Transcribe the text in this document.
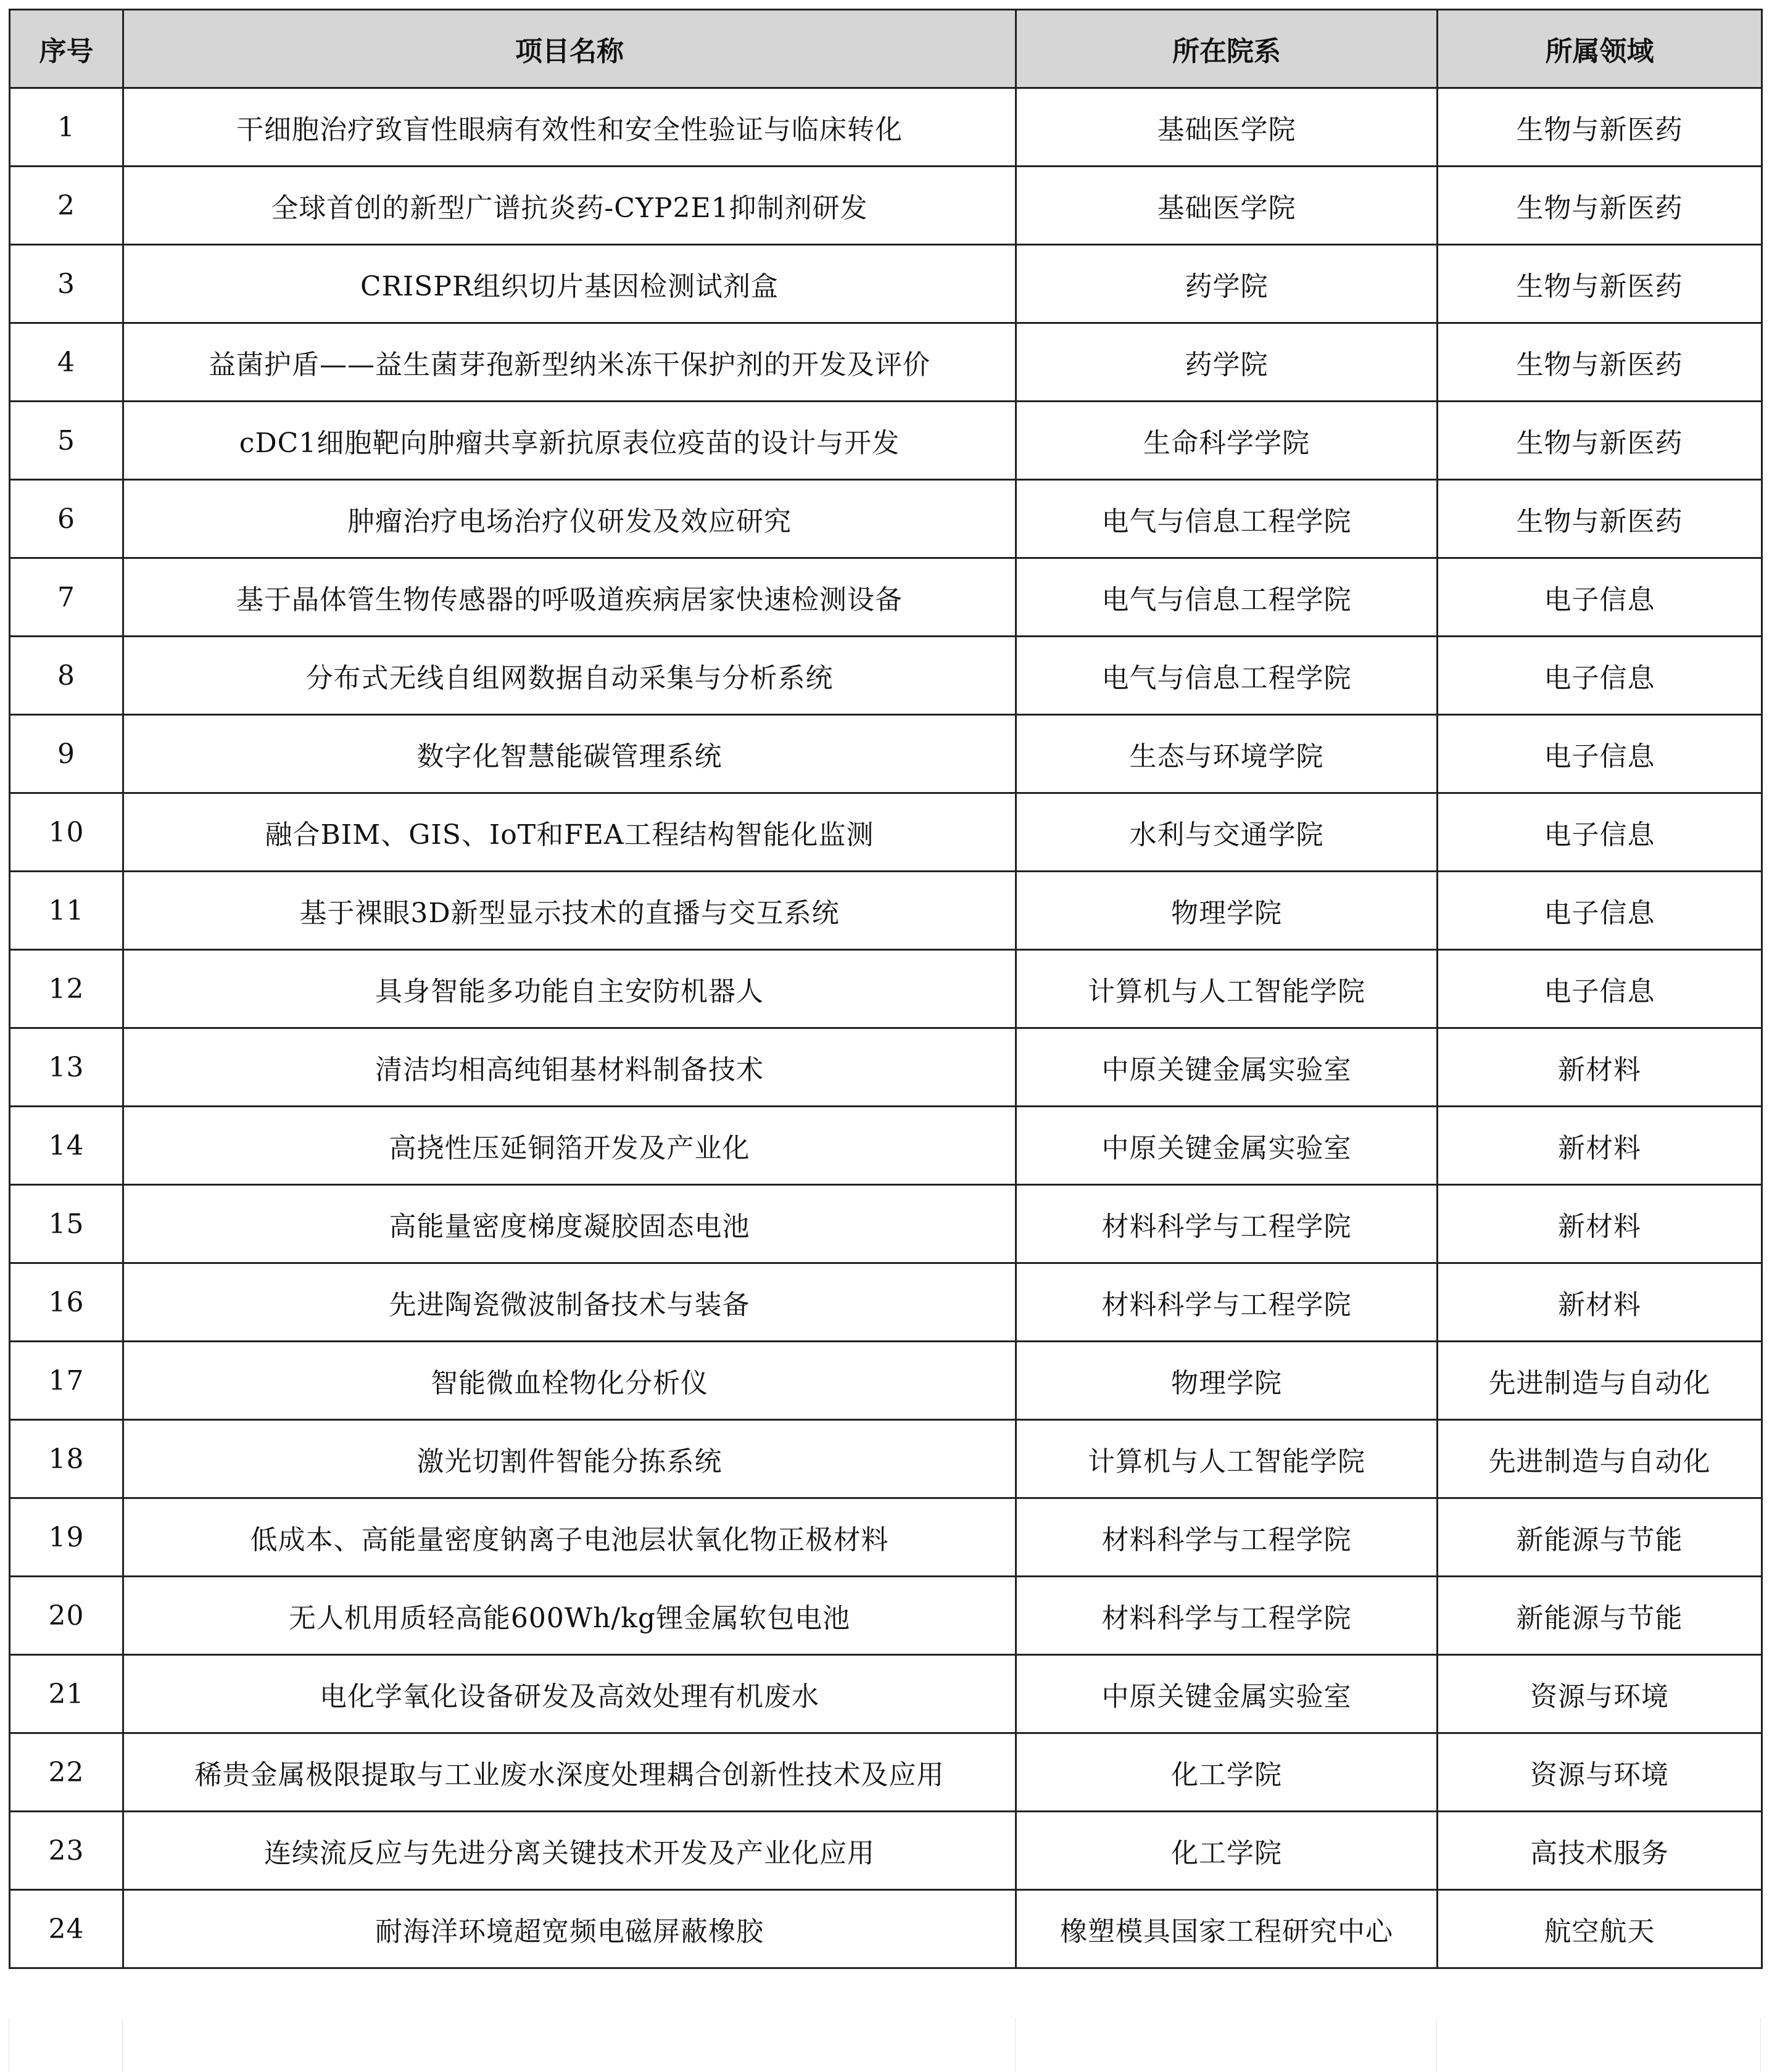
序号	项目名称	所在院系	所属领域
1	干细胞治疗致盲性眼病有效性和安全性验证与临床转化	基础医学院	生物与新医药
2	全球首创的新型广谱抗炎药-CYP2E1抑制剂研发	基础医学院	生物与新医药
3	CRISPR组织切片基因检测试剂盒	药学院	生物与新医药
4	益菌护盾——益生菌芽孢新型纳米冻干保护剂的开发及评价	药学院	生物与新医药
5	cDC1细胞靶向肿瘤共享新抗原表位疫苗的设计与开发	生命科学学院	生物与新医药
6	肿瘤治疗电场治疗仪研发及效应研究	电气与信息工程学院	生物与新医药
7	基于晶体管生物传感器的呼吸道疾病居家快速检测设备	电气与信息工程学院	电子信息
8	分布式无线自组网数据自动采集与分析系统	电气与信息工程学院	电子信息
9	数字化智慧能碳管理系统	生态与环境学院	电子信息
10	融合BIM、GIS、IoT和FEA工程结构智能化监测	水利与交通学院	电子信息
11	基于裸眼3D新型显示技术的直播与交互系统	物理学院	电子信息
12	具身智能多功能自主安防机器人	计算机与人工智能学院	电子信息
13	清洁均相高纯钼基材料制备技术	中原关键金属实验室	新材料
14	高挠性压延铜箔开发及产业化	中原关键金属实验室	新材料
15	高能量密度梯度凝胶固态电池	材料科学与工程学院	新材料
16	先进陶瓷微波制备技术与装备	材料科学与工程学院	新材料
17	智能微血栓物化分析仪	物理学院	先进制造与自动化
18	激光切割件智能分拣系统	计算机与人工智能学院	先进制造与自动化
19	低成本、高能量密度钠离子电池层状氧化物正极材料	材料科学与工程学院	新能源与节能
20	无人机用质轻高能600Wh/kg锂金属软包电池	材料科学与工程学院	新能源与节能
21	电化学氧化设备研发及高效处理有机废水	中原关键金属实验室	资源与环境
22	稀贵金属极限提取与工业废水深度处理耦合创新性技术及应用	化工学院	资源与环境
23	连续流反应与先进分离关键技术开发及产业化应用	化工学院	高技术服务
24	耐海洋环境超宽频电磁屏蔽橡胶	橡塑模具国家工程研究中心	航空航天
